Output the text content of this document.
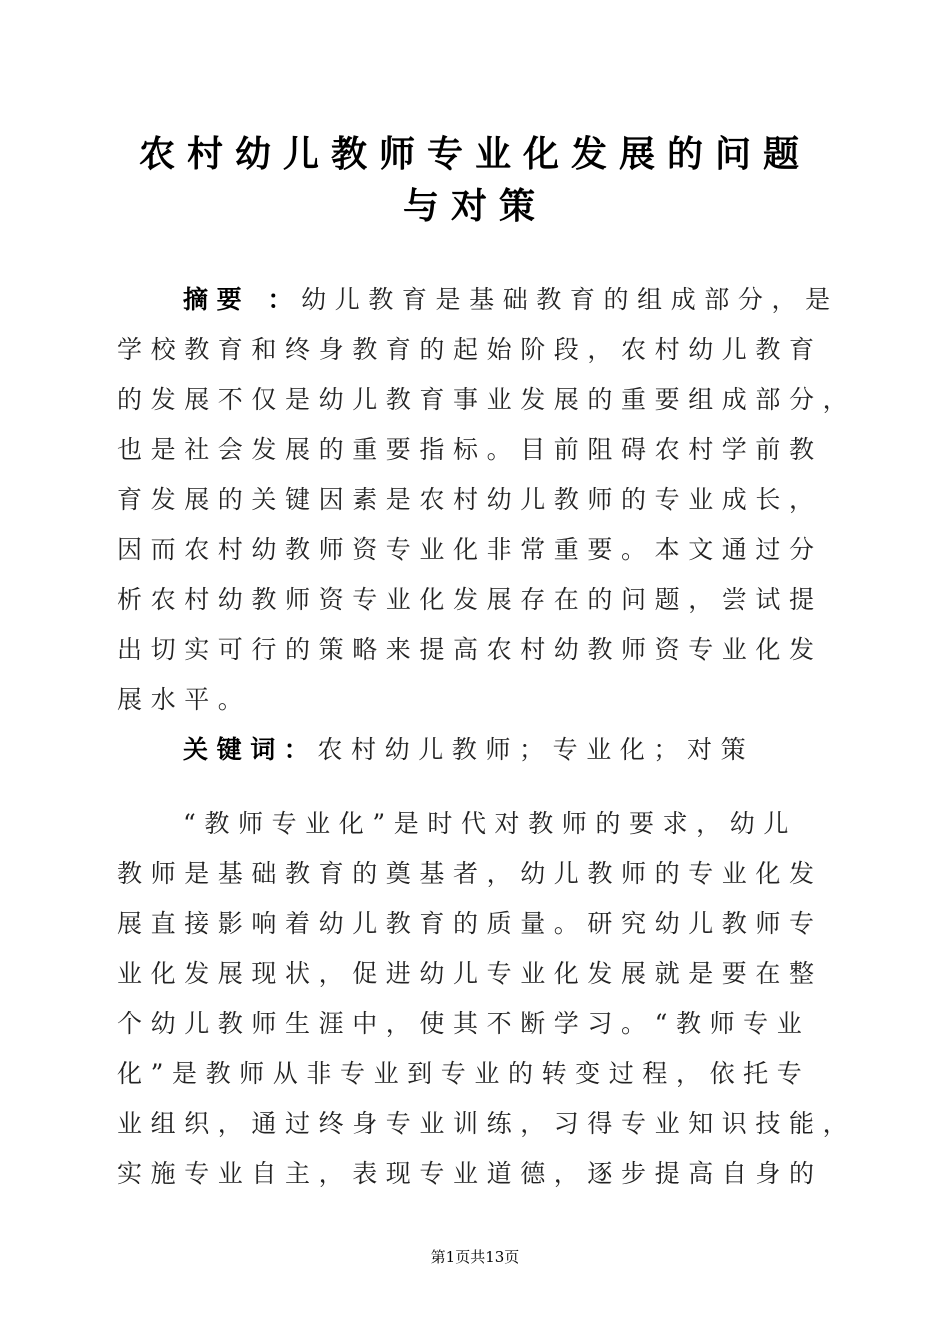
农村幼儿教师专业化发展的问题
与对策
摘要 ：幼儿教育是基础教育的组成部分，是
学校教育和终身教育的起始阶段，农村幼儿教育
的发展不仅是幼儿教育事业发展的重要组成部分，
也是社会发展的重要指标。目前阻碍农村学前教
育发展的关键因素是农村幼儿教师的专业成长，
因而农村幼教师资专业化非常重要。本文通过分
析农村幼教师资专业化发展存在的问题，尝试提
出切实可行的策略来提高农村幼教师资专业化发
展水平。
关键词：农村幼儿教师；专业化；对策
“教师专业化”是时代对教师的要求，幼儿
教师是基础教育的奠基者，幼儿教师的专业化发
展直接影响着幼儿教育的质量。研究幼儿教师专
业化发展现状，促进幼儿专业化发展就是要在整
个幼儿教师生涯中，使其不断学习。“教师专业
化”是教师从非专业到专业的转变过程，依托专
业组织，通过终身专业训练，习得专业知识技能，
实施专业自主，表现专业道德，逐步提高自身的
第1页共13页
